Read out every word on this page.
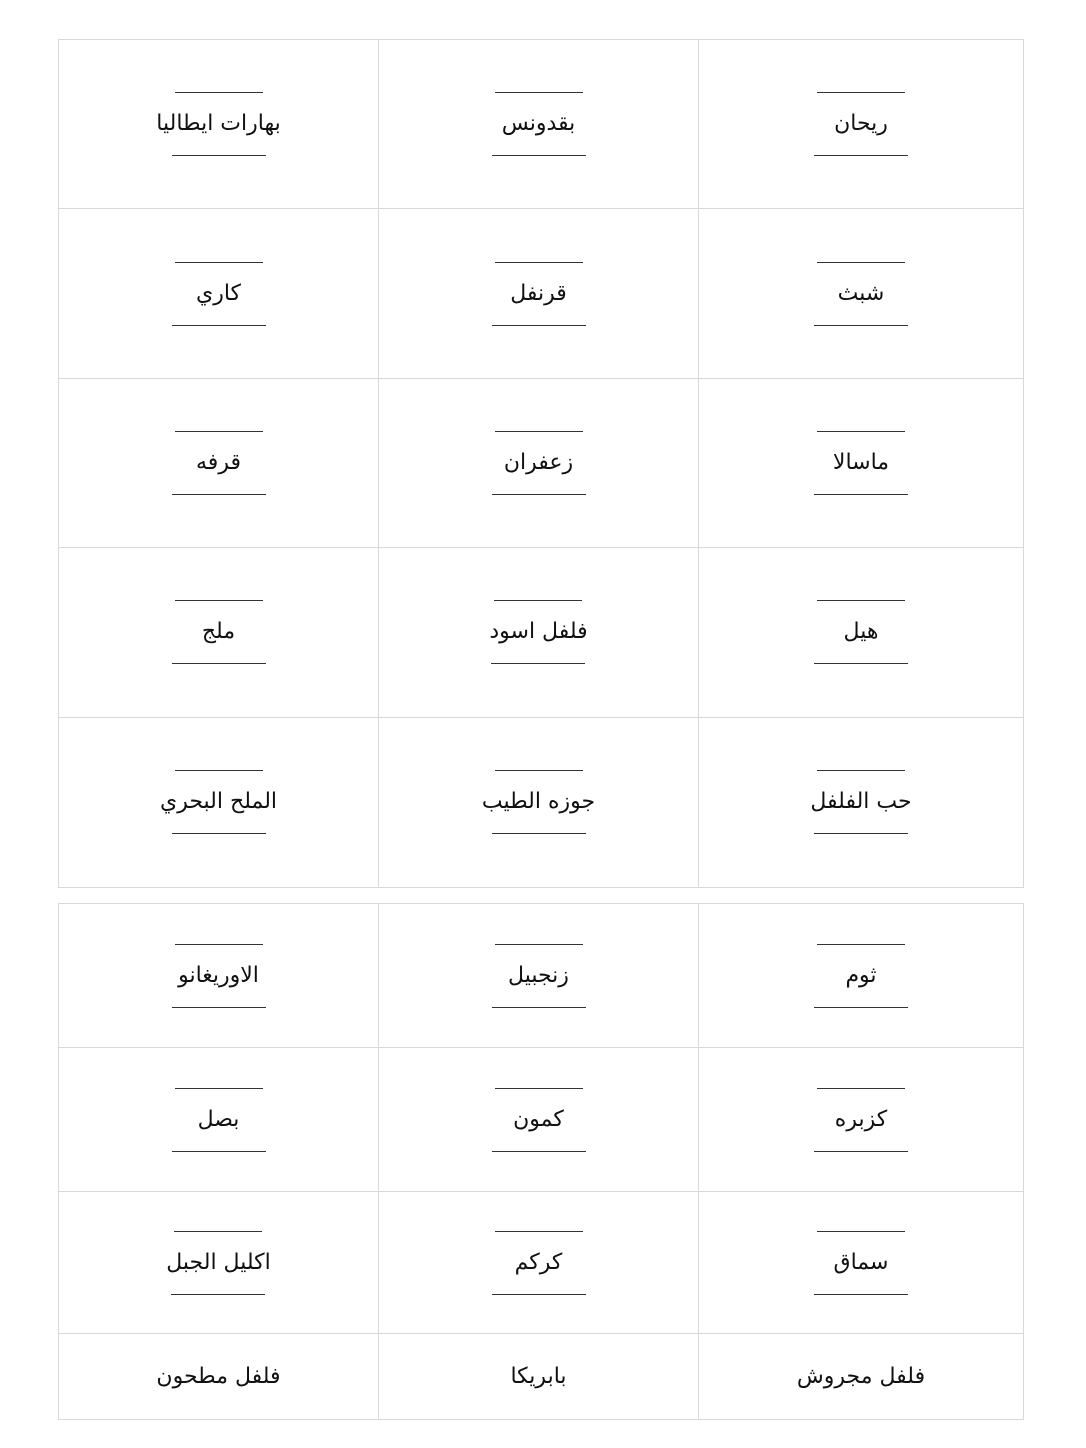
بهارات ايطاليا	بقدونس	ريحان
كاري	قرنفل	شبث
قرفه	زعفران	ماسالا
ملج	فلفل اسود	هيل
الملح البحري	جوزه الطيب	حب الفلفل
الاوريغانو	زنجبيل	ثوم
بصل	كمون	كزبره
اكليل الجبل	كركم	سماق
فلفل مطحون	بابريكا	فلفل مجروش
